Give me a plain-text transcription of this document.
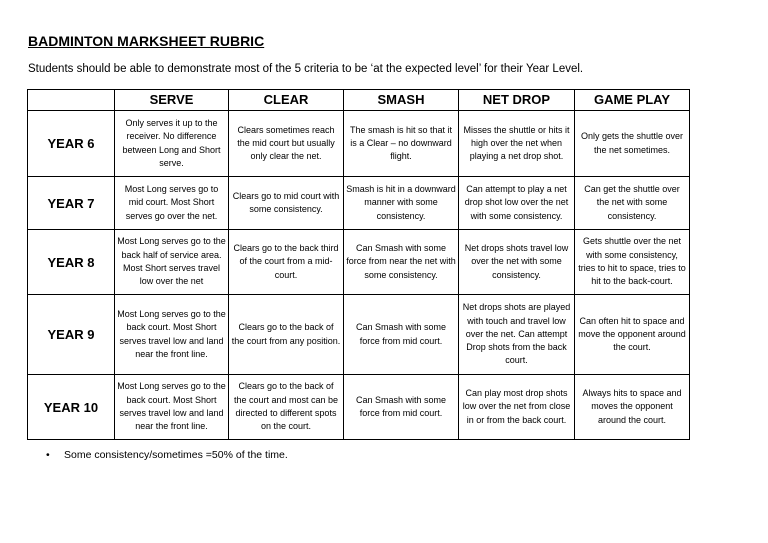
BADMINTON MARKSHEET RUBRIC
Students should be able to demonstrate most of the 5 criteria to be ‘at the expected level’ for their Year Level.
	SERVE	CLEAR	SMASH	NET DROP	GAME PLAY
YEAR 6	Only serves it up to the receiver. No difference between Long and Short serve.	Clears sometimes reach the mid court but usually only clear the net.	The smash is hit so that it is a Clear – no downward flight.	Misses the shuttle or hits it high over the net when playing a net drop shot.	Only gets the shuttle over the net sometimes.
YEAR 7	Most Long serves go to mid court. Most Short serves go over the net.	Clears go to mid court with some consistency.	Smash is hit in a downward manner with some consistency.	Can attempt to play a net drop shot low over the net with some consistency.	Can get the shuttle over the net with some consistency.
YEAR 8	Most Long serves go to the back half of service area. Most Short serves travel low over the net	Clears go to the back third of the court from a mid-court.	Can Smash with some force from near the net with some consistency.	Net drops shots travel low over the net with some consistency.	Gets shuttle over the net with some consistency, tries to hit to space, tries to hit to the back-court.
YEAR 9	Most Long serves go to the back court. Most Short serves travel low and land near the front line.	Clears go to the back of the court from any position.	Can Smash with some force from mid court.	Net drops shots are played with touch and travel low over the net. Can attempt Drop shots from the back court.	Can often hit to space and move the opponent around the court.
YEAR 10	Most Long serves go to the back court. Most Short serves travel low and land near the front line.	Clears go to the back of the court and most can be directed to different spots on the court.	Can Smash with some force from mid court.	Can play most drop shots low over the net from close in or from the back court.	Always hits to space and moves the opponent around the court.
• Some consistency/sometimes =50% of the time.
